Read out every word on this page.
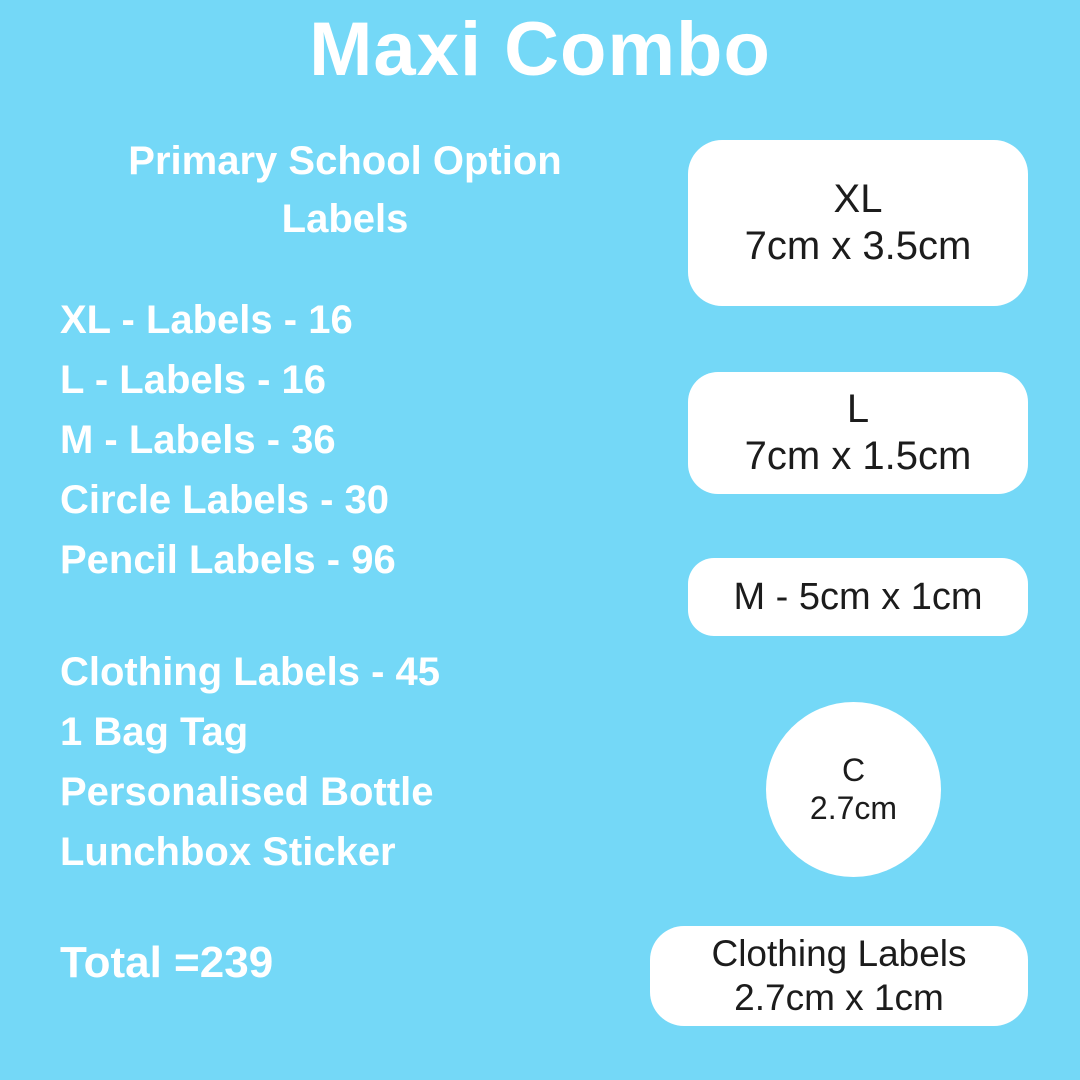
Maxi Combo
Primary School Option Labels
XL - Labels - 16
L - Labels - 16
M - Labels - 36
Circle Labels - 30
Pencil Labels - 96
Clothing Labels - 45
1 Bag Tag
Personalised Bottle
Lunchbox Sticker
Total =239
XL
7cm x 3.5cm
L
7cm x 1.5cm
M - 5cm x 1cm
C
2.7cm
Clothing Labels
2.7cm x 1cm
